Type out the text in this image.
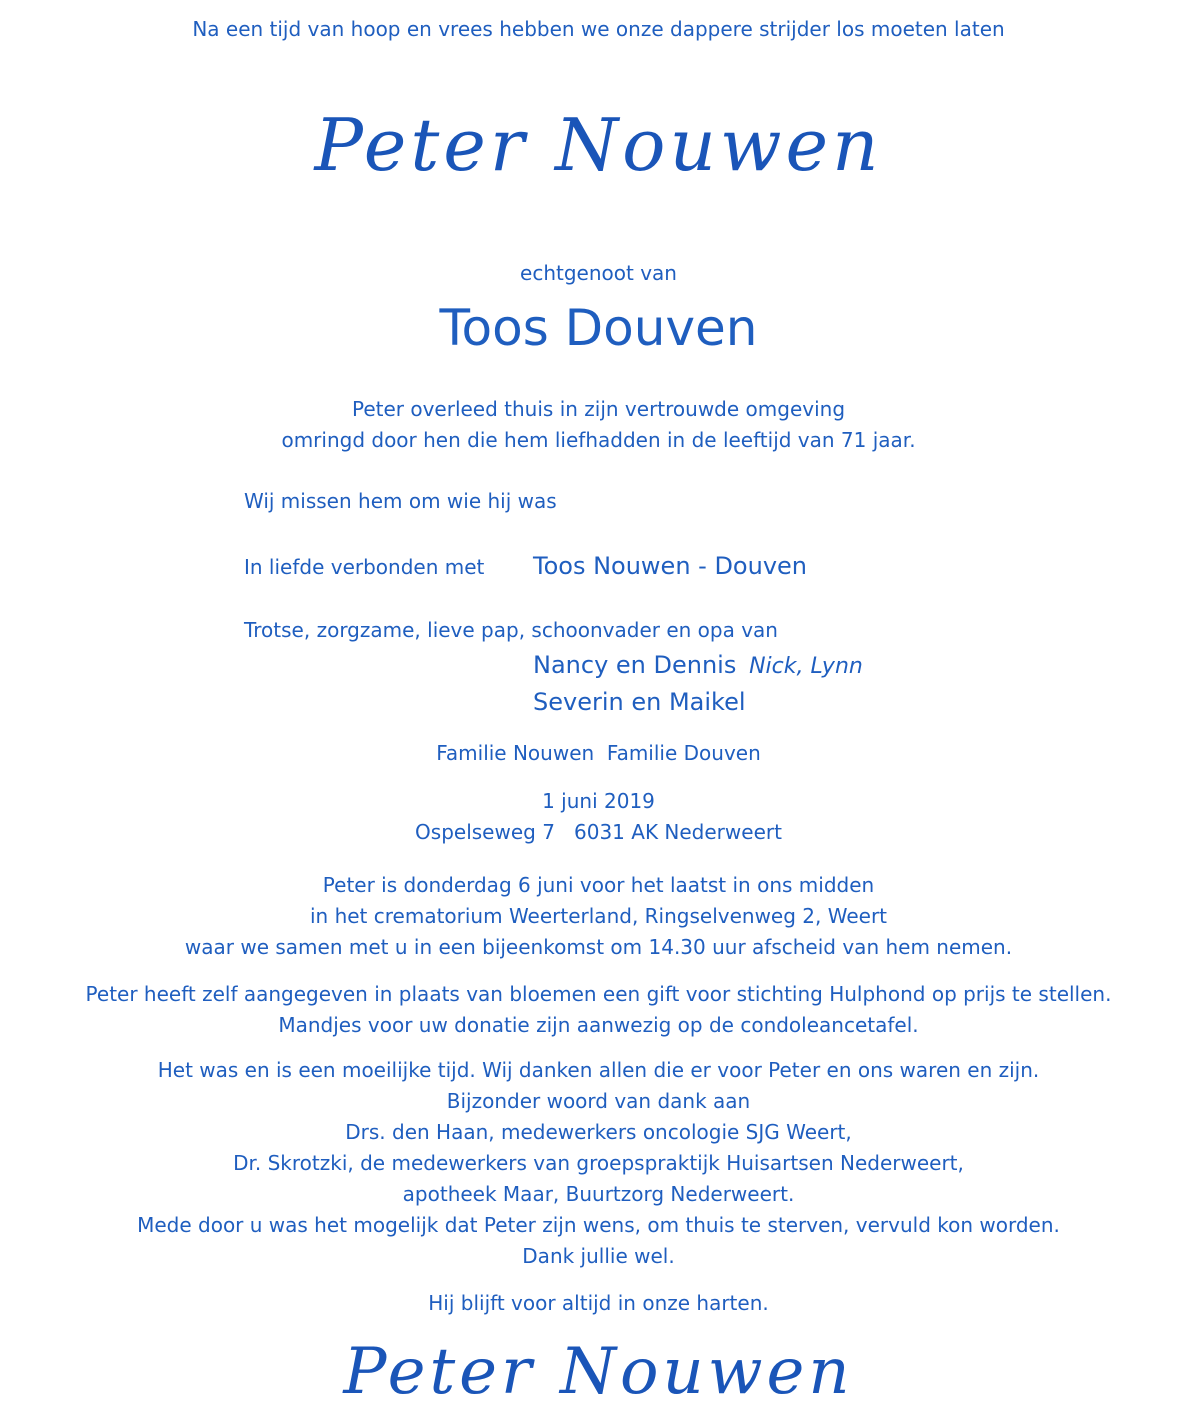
Na een tijd van hoop en vrees hebben we onze dappere strijder los moeten laten
Peter Nouwen
echtgenoot van
Toos Douven
Peter overleed thuis in zijn vertrouwde omgeving
omringd door hen die hem liefhadden in de leeftijd van 71 jaar.
Wij missen hem om wie hij was
In liefde verbonden met Toos Nouwen - Douven
Trotse, zorgzame, lieve pap, schoonvader en opa van
Nancy en Dennis Nick, Lynn
Severin en Maikel
Familie Nouwen  Familie Douven
1 juni 2019
Ospelseweg 7   6031 AK Nederweert
Peter is donderdag 6 juni voor het laatst in ons midden
in het crematorium Weerterland, Ringselvenweg 2, Weert
waar we samen met u in een bijeenkomst om 14.30 uur afscheid van hem nemen.
Peter heeft zelf aangegeven in plaats van bloemen een gift voor stichting Hulphond op prijs te stellen.
Mandjes voor uw donatie zijn aanwezig op de condoleancetafel.
Het was en is een moeilijke tijd. Wij danken allen die er voor Peter en ons waren en zijn.
Bijzonder woord van dank aan
Drs. den Haan, medewerkers oncologie SJG Weert,
Dr. Skrotzki, de medewerkers van groepspraktijk Huisartsen Nederweert,
apotheek Maar, Buurtzorg Nederweert.
Mede door u was het mogelijk dat Peter zijn wens, om thuis te sterven, vervuld kon worden.
Dank jullie wel.
Hij blijft voor altijd in onze harten.
Peter Nouwen
